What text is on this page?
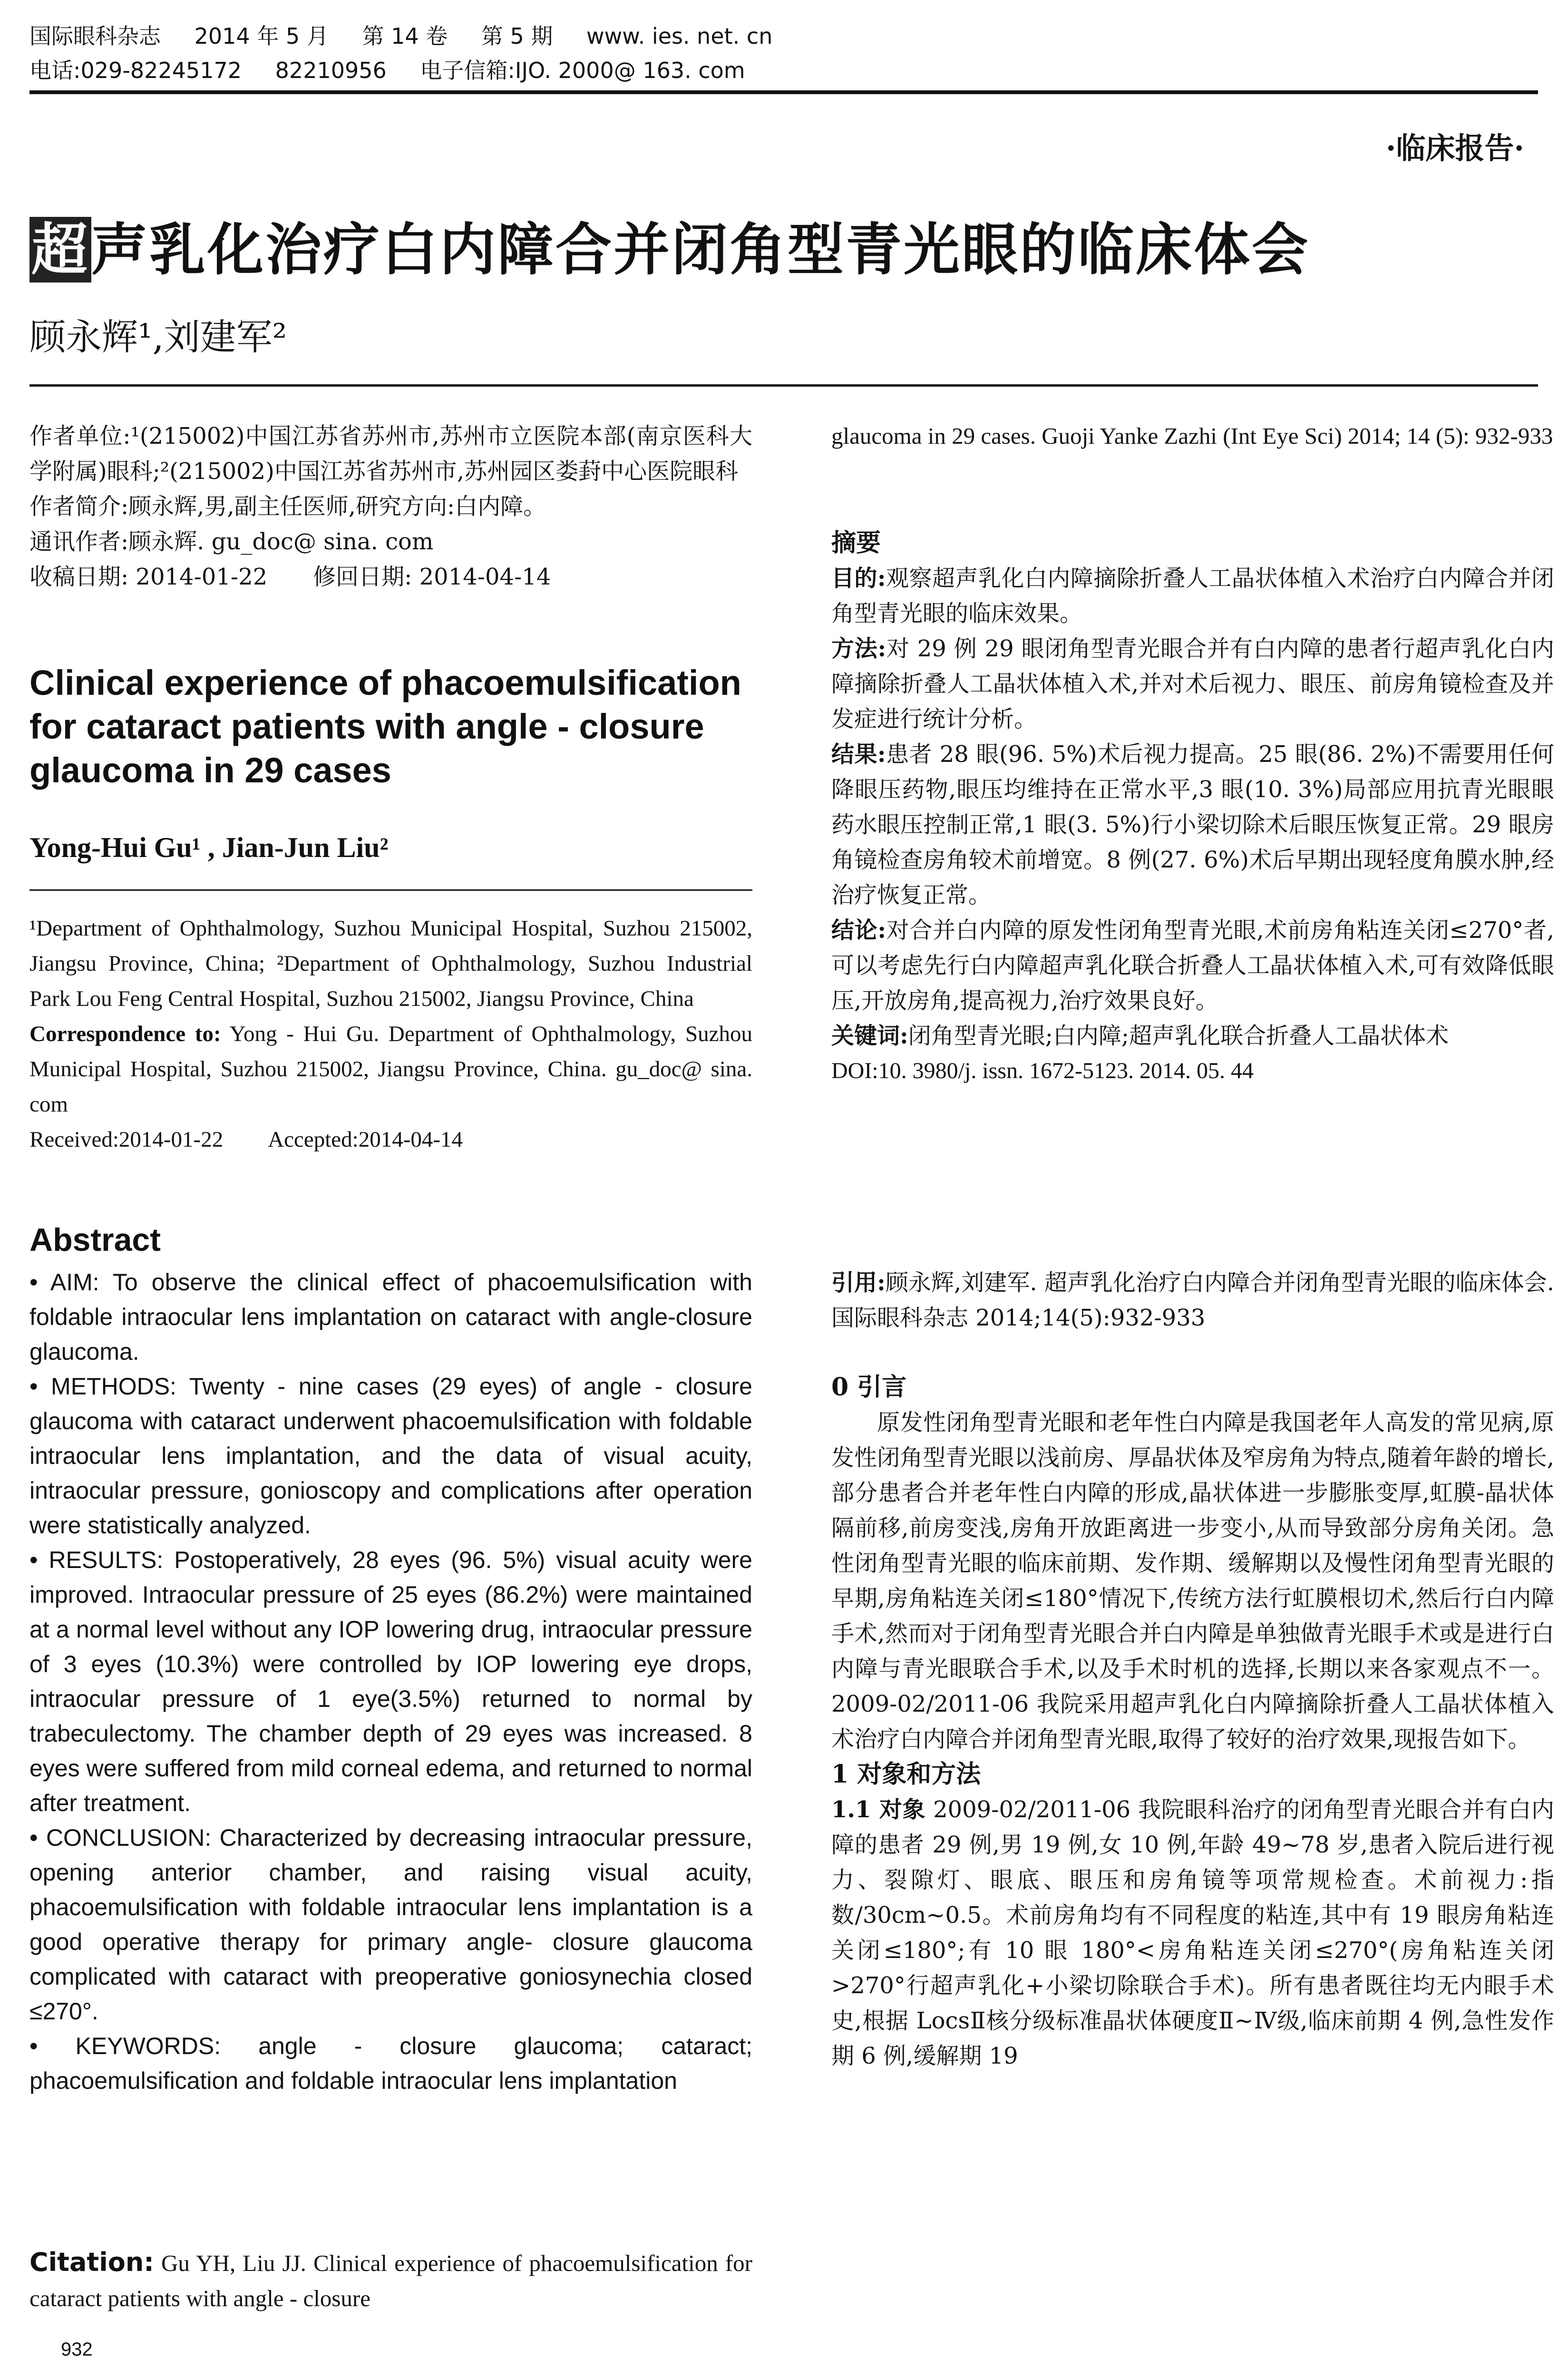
国际眼科杂志 2014 年 5 月 第 14 卷 第 5 期 www. ies. net. cn
电话:029-82245172 82210956 电子信箱:IJO. 2000@ 163. com
·临床报告·
超声乳化治疗白内障合并闭角型青光眼的临床体会
顾永辉¹,刘建军²

作者单位:¹(215002)中国江苏省苏州市,苏州市立医院本部(南京医科大学附属)眼科;²(215002)中国江苏省苏州市,苏州园区娄葑中心医院眼科

作者简介:顾永辉,男,副主任医师,研究方向:白内障。

通讯作者:顾永辉. gu_doc@ sina. com

收稿日期: 2014-01-22　　修回日期: 2014-04-14

Clinical experience of phacoemulsification for cataract patients with angle - closure glaucoma in 29 cases
Yong-Hui Gu¹ , Jian-Jun Liu²
¹Department of Ophthalmology, Suzhou Municipal Hospital, Suzhou 215002, Jiangsu Province, China; ²Department of Ophthalmology, Suzhou Industrial Park Lou Feng Central Hospital, Suzhou 215002, Jiangsu Province, China
Correspondence to: Yong - Hui Gu. Department of Ophthalmology, Suzhou Municipal Hospital, Suzhou 215002, Jiangsu Province, China. gu_doc@ sina. com
Received:2014-01-22　　Accepted:2014-04-14
Abstract

• AIM: To observe the clinical effect of phacoemulsification with foldable intraocular lens implantation on cataract with angle-closure glaucoma.

• METHODS: Twenty - nine cases (29 eyes) of angle - closure glaucoma with cataract underwent phacoemulsification with foldable intraocular lens implantation, and the data of visual acuity, intraocular pressure, gonioscopy and complications after operation were statistically analyzed.

• RESULTS: Postoperatively, 28 eyes (96. 5%) visual acuity were improved. Intraocular pressure of 25 eyes (86.2%) were maintained at a normal level without any IOP lowering drug, intraocular pressure of 3 eyes (10.3%) were controlled by IOP lowering eye drops, intraocular pressure of 1 eye(3.5%) returned to normal by trabeculectomy. The chamber depth of 29 eyes was increased. 8 eyes were suffered from mild corneal edema, and returned to normal after treatment.

• CONCLUSION: Characterized by decreasing intraocular pressure, opening anterior chamber, and raising visual acuity, phacoemulsification with foldable intraocular lens implantation is a good operative therapy for primary angle- closure glaucoma complicated with cataract with preoperative goniosynechia closed ≤270°.

• KEYWORDS: angle - closure glaucoma; cataract; phacoemulsification and foldable intraocular lens implantation

Citation: Gu YH, Liu JJ. Clinical experience of phacoemulsification for cataract patients with angle - closure
932
glaucoma in 29 cases. Guoji Yanke Zazhi (Int Eye Sci) 2014; 14 (5): 932-933
摘要

目的:观察超声乳化白内障摘除折叠人工晶状体植入术治疗白内障合并闭角型青光眼的临床效果。

方法:对 29 例 29 眼闭角型青光眼合并有白内障的患者行超声乳化白内障摘除折叠人工晶状体植入术,并对术后视力、眼压、前房角镜检查及并发症进行统计分析。

结果:患者 28 眼(96. 5%)术后视力提高。25 眼(86. 2%)不需要用任何降眼压药物,眼压均维持在正常水平,3 眼(10. 3%)局部应用抗青光眼眼药水眼压控制正常,1 眼(3. 5%)行小梁切除术后眼压恢复正常。29 眼房角镜检查房角较术前增宽。8 例(27. 6%)术后早期出现轻度角膜水肿,经治疗恢复正常。

结论:对合并白内障的原发性闭角型青光眼,术前房角粘连关闭≤270°者,可以考虑先行白内障超声乳化联合折叠人工晶状体植入术,可有效降低眼压,开放房角,提高视力,治疗效果良好。

关键词:闭角型青光眼;白内障;超声乳化联合折叠人工晶状体术

DOI:10. 3980/j. issn. 1672-5123. 2014. 05. 44

引用:顾永辉,刘建军. 超声乳化治疗白内障合并闭角型青光眼的临床体会. 国际眼科杂志 2014;14(5):932-933

0 引言

原发性闭角型青光眼和老年性白内障是我国老年人高发的常见病,原发性闭角型青光眼以浅前房、厚晶状体及窄房角为特点,随着年龄的增长,部分患者合并老年性白内障的形成,晶状体进一步膨胀变厚,虹膜-晶状体隔前移,前房变浅,房角开放距离进一步变小,从而导致部分房角关闭。急性闭角型青光眼的临床前期、发作期、缓解期以及慢性闭角型青光眼的早期,房角粘连关闭≤180°情况下,传统方法行虹膜根切术,然后行白内障手术,然而对于闭角型青光眼合并白内障是单独做青光眼手术或是进行白内障与青光眼联合手术,以及手术时机的选择,长期以来各家观点不一。2009-02/2011-06 我院采用超声乳化白内障摘除折叠人工晶状体植入术治疗白内障合并闭角型青光眼,取得了较好的治疗效果,现报告如下。

1 对象和方法

1.1 对象 2009-02/2011-06 我院眼科治疗的闭角型青光眼合并有白内障的患者 29 例,男 19 例,女 10 例,年龄 49~78 岁,患者入院后进行视力、裂隙灯、眼底、眼压和房角镜等项常规检查。术前视力:指数/30cm~0.5。术前房角均有不同程度的粘连,其中有 19 眼房角粘连关闭≤180°;有 10 眼 180°<房角粘连关闭≤270°(房角粘连关闭>270°行超声乳化+小梁切除联合手术)。所有患者既往均无内眼手术史,根据 LocsⅡ核分级标准晶状体硬度Ⅱ~Ⅳ级,临床前期 4 例,急性发作期 6 例,缓解期 19
